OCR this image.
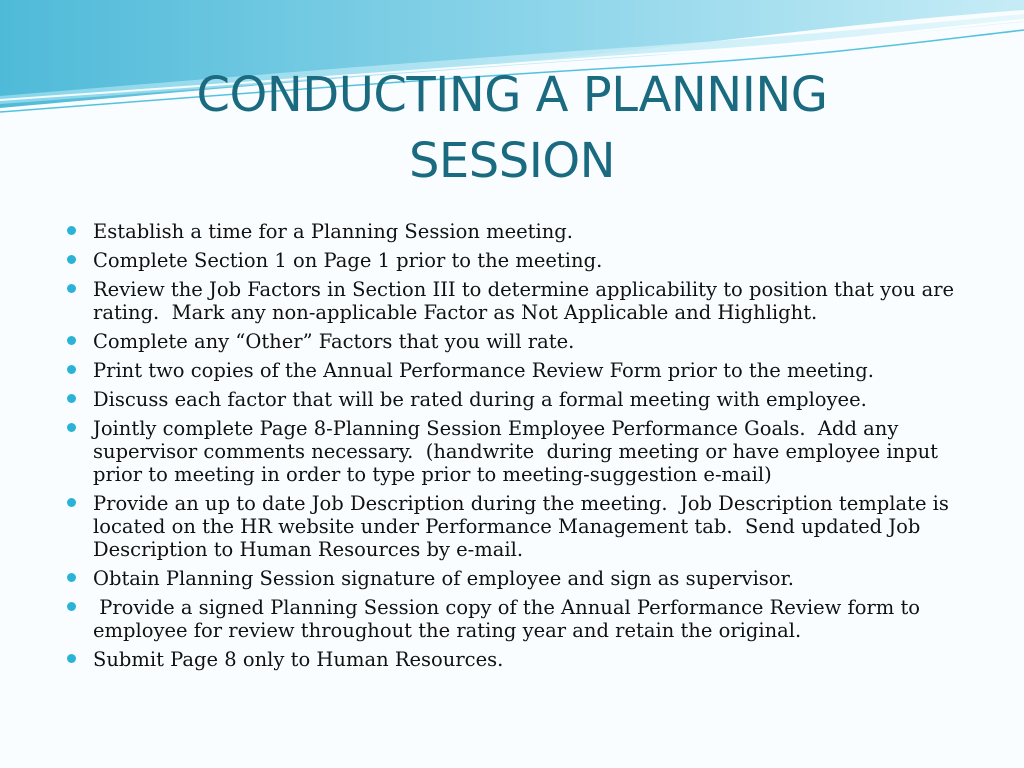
CONDUCTING A PLANNING
SESSION
Establish a time for a Planning Session meeting.
Complete Section 1 on Page 1 prior to the meeting.
Review the Job Factors in Section III to determine applicability to position that you are rating.  Mark any non-applicable Factor as Not Applicable and Highlight.
Complete any “Other” Factors that you will rate.
Print two copies of the Annual Performance Review Form prior to the meeting.
Discuss each factor that will be rated during a formal meeting with employee.
Jointly complete Page 8-Planning Session Employee Performance Goals.  Add any supervisor comments necessary.  (handwrite  during meeting or have employee input prior to meeting in order to type prior to meeting-suggestion e-mail)
Provide an up to date Job Description during the meeting.  Job Description template is located on the HR website under Performance Management tab.  Send updated Job Description to Human Resources by e-mail.
Obtain Planning Session signature of employee and sign as supervisor.
Provide a signed Planning Session copy of the Annual Performance Review form to employee for review throughout the rating year and retain the original.
Submit Page 8 only to Human Resources.
